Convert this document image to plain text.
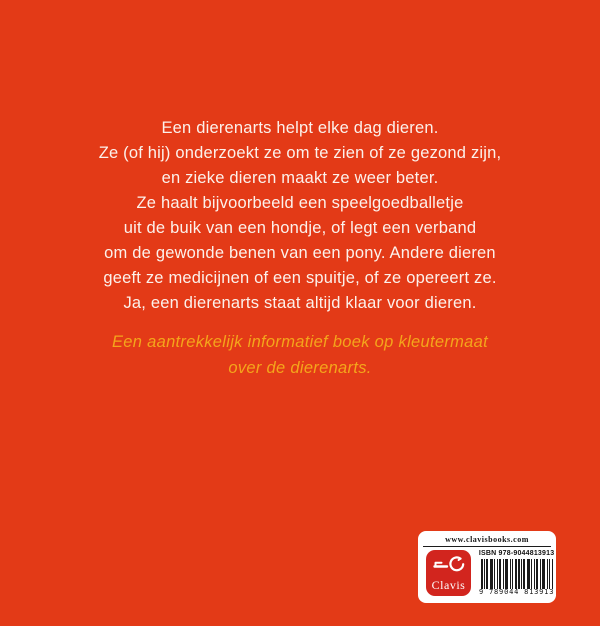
Een dierenarts helpt elke dag dieren.
Ze (of hij) onderzoekt ze om te zien of ze gezond zijn,
en zieke dieren maakt ze weer beter.
Ze haalt bijvoorbeeld een speelgoedballetje
uit de buik van een hondje, of legt een verband
om de gewonde benen van een pony. Andere dieren
geeft ze medicijnen of een spuitje, of ze opereert ze.
Ja, een dierenarts staat altijd klaar voor dieren.
Een aantrekkelijk informatief boek op kleutermaat
over de dierenarts.
www.clavisbooks.com
Clavis
ISBN 978-9044813913
9 789044 813913
